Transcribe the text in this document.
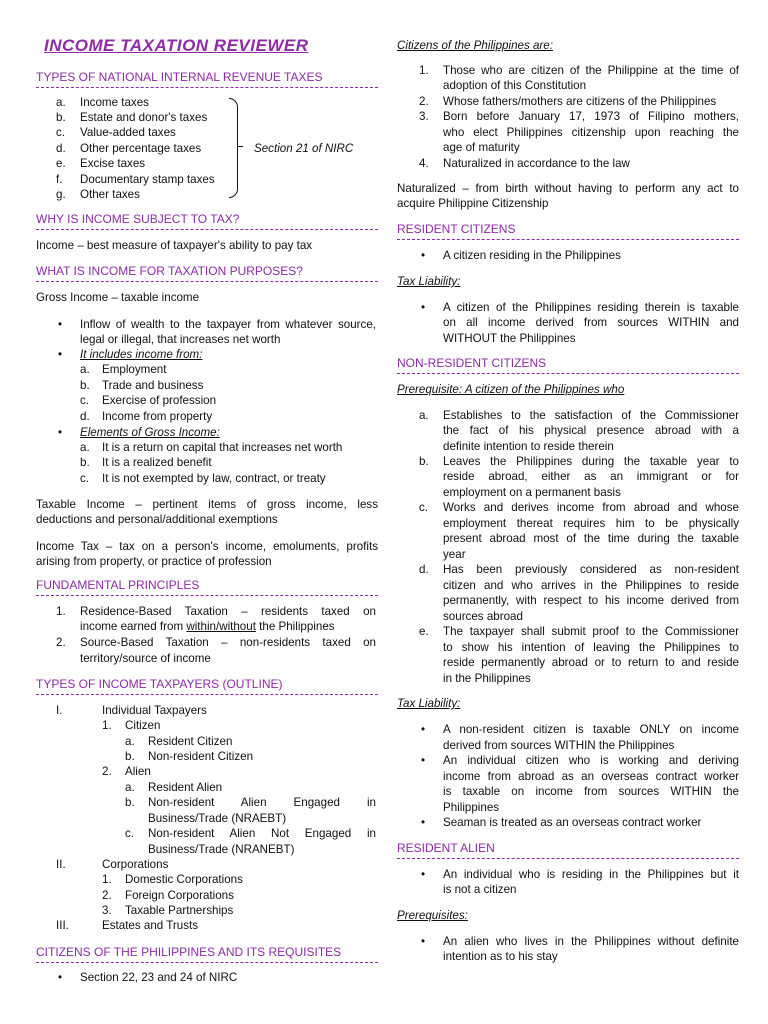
INCOME TAXATION REVIEWER
TYPES OF NATIONAL INTERNAL REVENUE TAXES
a. Income taxes
b. Estate and donor's taxes
c. Value-added taxes
d. Other percentage taxes
e. Excise taxes
f. Documentary stamp taxes
g. Other taxes
Section 21 of NIRC
WHY IS INCOME SUBJECT TO TAX?
Income – best measure of taxpayer's ability to pay tax
WHAT IS INCOME FOR TAXATION PURPOSES?
Gross Income – taxable income
• Inflow of wealth to the taxpayer from whatever source,
legal or illegal, that increases net worth
• It includes income from:
a. Employment
b. Trade and business
c. Exercise of profession
d. Income from property
• Elements of Gross Income:
a. It is a return on capital that increases net worth
b. It is a realized benefit
c. It is not exempted by law, contract, or treaty
Taxable Income – pertinent items of gross income, less
deductions and personal/additional exemptions
Income Tax – tax on a person's income, emoluments, profits
arising from property, or practice of profession
FUNDAMENTAL PRINCIPLES
1. Residence-Based Taxation – residents taxed on
income earned from within/without the Philippines
2. Source-Based Taxation – non-residents taxed on
territory/source of income
TYPES OF INCOME TAXPAYERS (OUTLINE)
I.	Individual Taxpayers
1. Citizen
a. Resident Citizen
b. Non-resident Citizen
2. Alien
a. Resident Alien
b. Non-resident Alien Engaged in
Business/Trade (NRAEBT)
c. Non-resident Alien Not Engaged in
Business/Trade (NRANEBT)
II.	Corporations
1. Domestic Corporations
2. Foreign Corporations
3. Taxable Partnerships
III.	Estates and Trusts
CITIZENS OF THE PHILIPPINES AND ITS REQUISITES
• Section 22, 23 and 24 of NIRC
Citizens of the Philippines are:
1. Those who are citizen of the Philippine at the time of
adoption of this Constitution
2. Whose fathers/mothers are citizens of the Philippines
3. Born before January 17, 1973 of Filipino mothers,
who elect Philippines citizenship upon reaching the
age of maturity
4. Naturalized in accordance to the law
Naturalized – from birth without having to perform any act to
acquire Philippine Citizenship
RESIDENT CITIZENS
• A citizen residing in the Philippines
Tax Liability:
• A citizen of the Philippines residing therein is taxable
on all income derived from sources WITHIN and
WITHOUT the Philippines
NON-RESIDENT CITIZENS
Prerequisite: A citizen of the Philippines who
a. Establishes to the satisfaction of the Commissioner
the fact of his physical presence abroad with a
definite intention to reside therein
b. Leaves the Philippines during the taxable year to
reside abroad, either as an immigrant or for
employment on a permanent basis
c. Works and derives income from abroad and whose
employment thereat requires him to be physically
present abroad most of the time during the taxable
year
d. Has been previously considered as non-resident
citizen and who arrives in the Philippines to reside
permanently, with respect to his income derived from
sources abroad
e. The taxpayer shall submit proof to the Commissioner
to show his intention of leaving the Philippines to
reside permanently abroad or to return to and reside
in the Philippines
Tax Liability:
• A non-resident citizen is taxable ONLY on income
derived from sources WITHIN the Philippines
• An individual citizen who is working and deriving
income from abroad as an overseas contract worker
is taxable on income from sources WITHIN the
Philippines
• Seaman is treated as an overseas contract worker
RESIDENT ALIEN
• An individual who is residing in the Philippines but it
is not a citizen
Prerequisites:
• An alien who lives in the Philippines without definite
intention as to his stay
